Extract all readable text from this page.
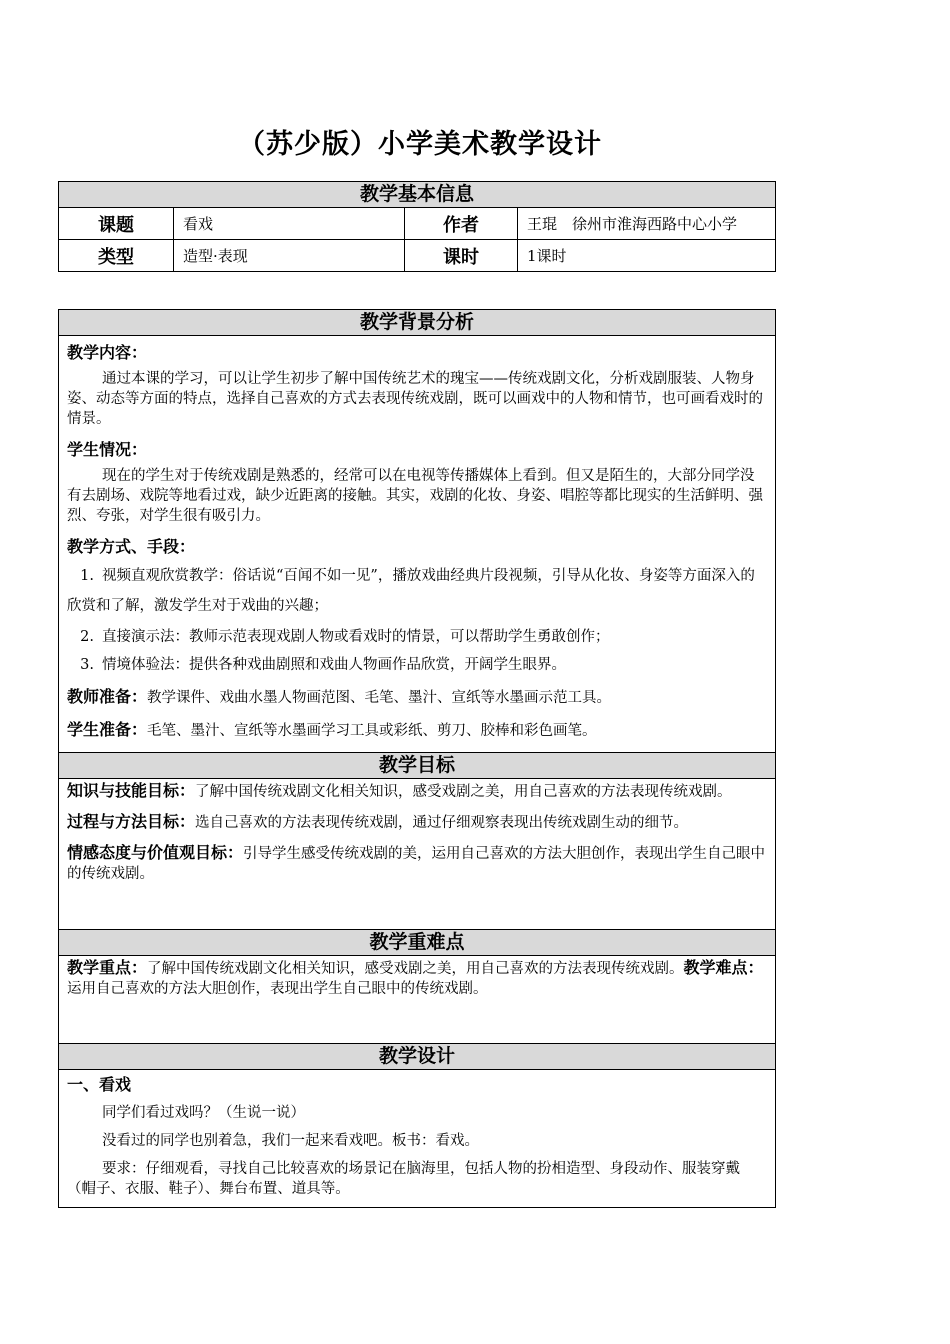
（苏少版）小学美术教学设计
教学基本信息			
课题	看戏	作者	王琨　徐州市淮海西路中心小学
类型	造型·表现	课时	1课时
教学背景分析

教学内容：

通过本课的学习，可以让学生初步了解中国传统艺术的瑰宝——传统戏剧文化，分析戏剧服装、人物身姿、动态等方面的特点，选择自己喜欢的方式去表现传统戏剧，既可以画戏中的人物和情节，也可画看戏时的情景。

学生情况：

现在的学生对于传统戏剧是熟悉的，经常可以在电视等传播媒体上看到。但又是陌生的，大部分同学没有去剧场、戏院等地看过戏，缺少近距离的接触。其实，戏剧的化妆、身姿、唱腔等都比现实的生活鲜明、强烈、夸张，对学生很有吸引力。

教学方式、手段：

1. 视频直观欣赏教学：俗话说“百闻不如一见”，播放戏曲经典片段视频，引导从化妆、身姿等方面深入的欣赏和了解，激发学生对于戏曲的兴趣；

2. 直接演示法：教师示范表现戏剧人物或看戏时的情景，可以帮助学生勇敢创作；

3. 情境体验法：提供各种戏曲剧照和戏曲人物画作品欣赏，开阔学生眼界。

教师准备：教学课件、戏曲水墨人物画范图、毛笔、墨汁、宣纸等水墨画示范工具。

学生准备：毛笔、墨汁、宣纸等水墨画学习工具或彩纸、剪刀、胶棒和彩色画笔。

教学目标

知识与技能目标：了解中国传统戏剧文化相关知识，感受戏剧之美，用自己喜欢的方法表现传统戏剧。

过程与方法目标：选自己喜欢的方法表现传统戏剧，通过仔细观察表现出传统戏剧生动的细节。

情感态度与价值观目标：引导学生感受传统戏剧的美，运用自己喜欢的方法大胆创作，表现出学生自己眼中的传统戏剧。

教学重难点

教学重点：了解中国传统戏剧文化相关知识，感受戏剧之美，用自己喜欢的方法表现传统戏剧。教学难点：运用自己喜欢的方法大胆创作，表现出学生自己眼中的传统戏剧。

教学设计

一、看戏

同学们看过戏吗？（生说一说）

没看过的同学也别着急，我们一起来看戏吧。板书：看戏。

要求：仔细观看，寻找自己比较喜欢的场景记在脑海里，包括人物的扮相造型、身段动作、服装穿戴（帽子、衣服、鞋子）、舞台布置、道具等。
